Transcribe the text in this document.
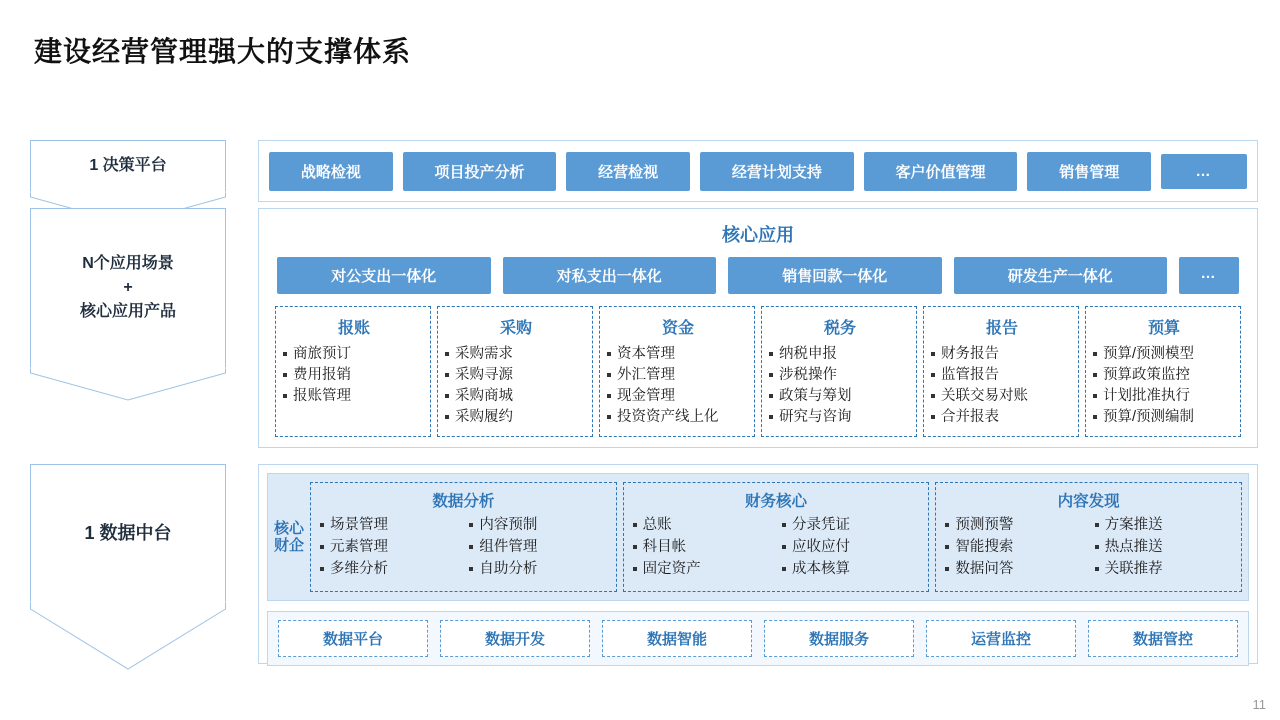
建设经营管理强大的支撑体系
1 决策平台
N个应用场景
+
核心应用产品
1 数据中台
战略检视	项目投产分析	经营检视	经营计划支持	客户价值管理	销售管理	…
核心应用
对公支出一体化	对私支出一体化	销售回款一体化	研发生产一体化	…
报账
商旅预订
费用报销
报账管理
采购
采购需求
采购寻源
采购商城
采购履约
资金
资本管理
外汇管理
现金管理
投资资产线上化
税务
纳税申报
涉税操作
政策与筹划
研究与咨询
报告
财务报告
监管报告
关联交易对账
合并报表
预算
预算/预测模型
预算政策监控
计划批准执行
预算/预测编制
核心财企
数据分析
场景管理
元素管理
多维分析
内容预制
组件管理
自助分析
财务核心
总账
科目帐
固定资产
分录凭证
应收应付
成本核算
内容发现
预测预警
智能搜索
数据问答
方案推送
热点推送
关联推荐
数据平台	数据开发	数据智能	数据服务	运营监控	数据管控
11
